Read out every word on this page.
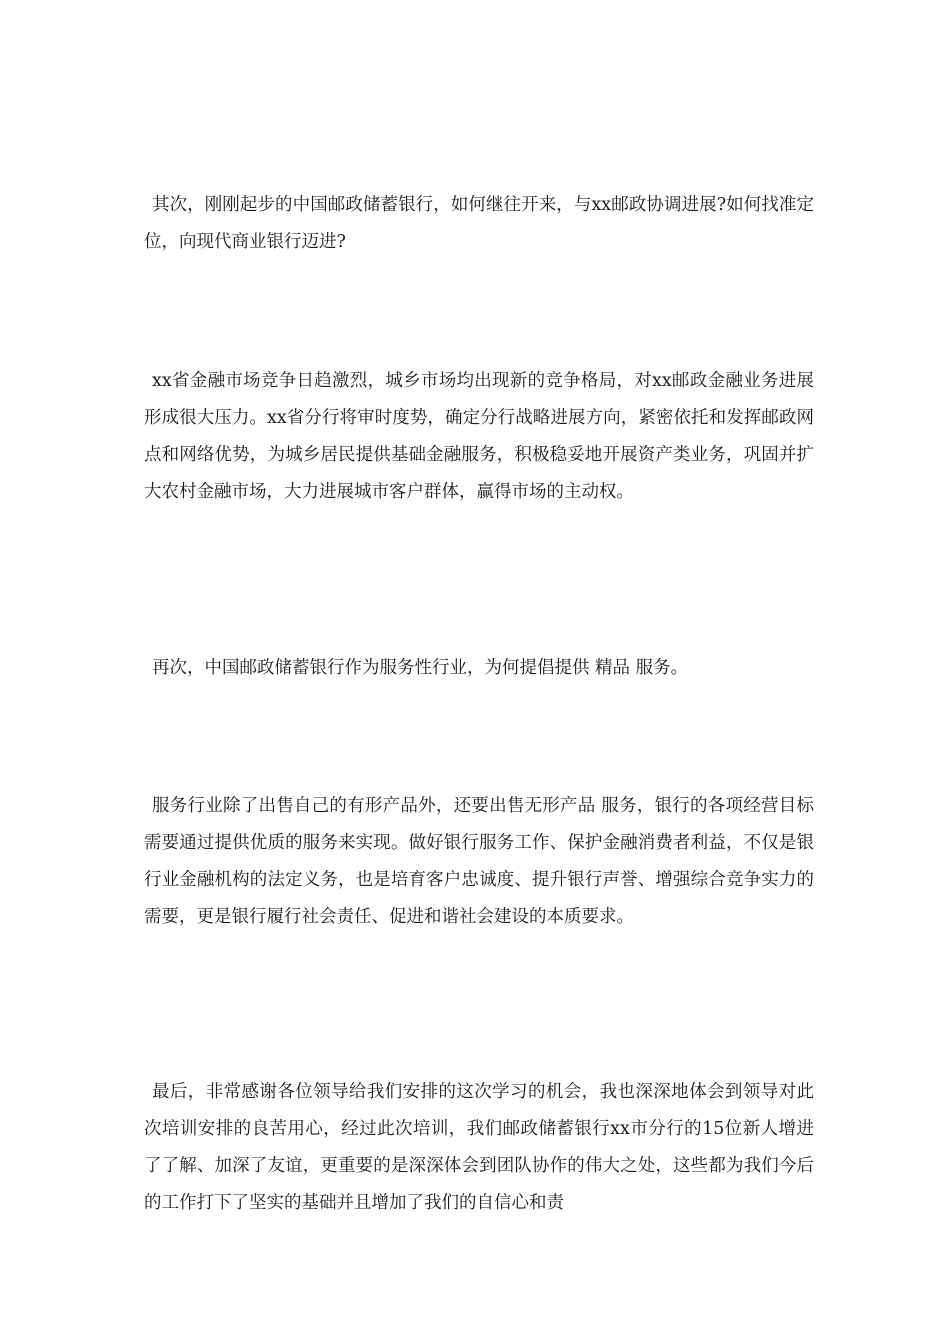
其次，刚刚起步的中国邮政储蓄银行，如何继往开来，与xx邮政协调进展?如何找准定位，向现代商业银行迈进?

xx省金融市场竞争日趋激烈，城乡市场均出现新的竞争格局，对xx邮政金融业务进展形成很大压力。xx省分行将审时度势，确定分行战略进展方向，紧密依托和发挥邮政网点和网络优势，为城乡居民提供基础金融服务，积极稳妥地开展资产类业务，巩固并扩大农村金融市场，大力进展城市客户群体，赢得市场的主动权。

再次，中国邮政储蓄银行作为服务性行业，为何提倡提供 精品 服务。

服务行业除了出售自己的有形产品外，还要出售无形产品 服务，银行的各项经营目标需要通过提供优质的服务来实现。做好银行服务工作、保护金融消费者利益，不仅是银行业金融机构的法定义务，也是培育客户忠诚度、提升银行声誉、增强综合竞争实力的需要，更是银行履行社会责任、促进和谐社会建设的本质要求。

最后，非常感谢各位领导给我们安排的这次学习的机会，我也深深地体会到领导对此次培训安排的良苦用心，经过此次培训，我们邮政储蓄银行xx市分行的15位新人增进了了解、加深了友谊，更重要的是深深体会到团队协作的伟大之处，这些都为我们今后的工作打下了坚实的基础并且增加了我们的自信心和责
